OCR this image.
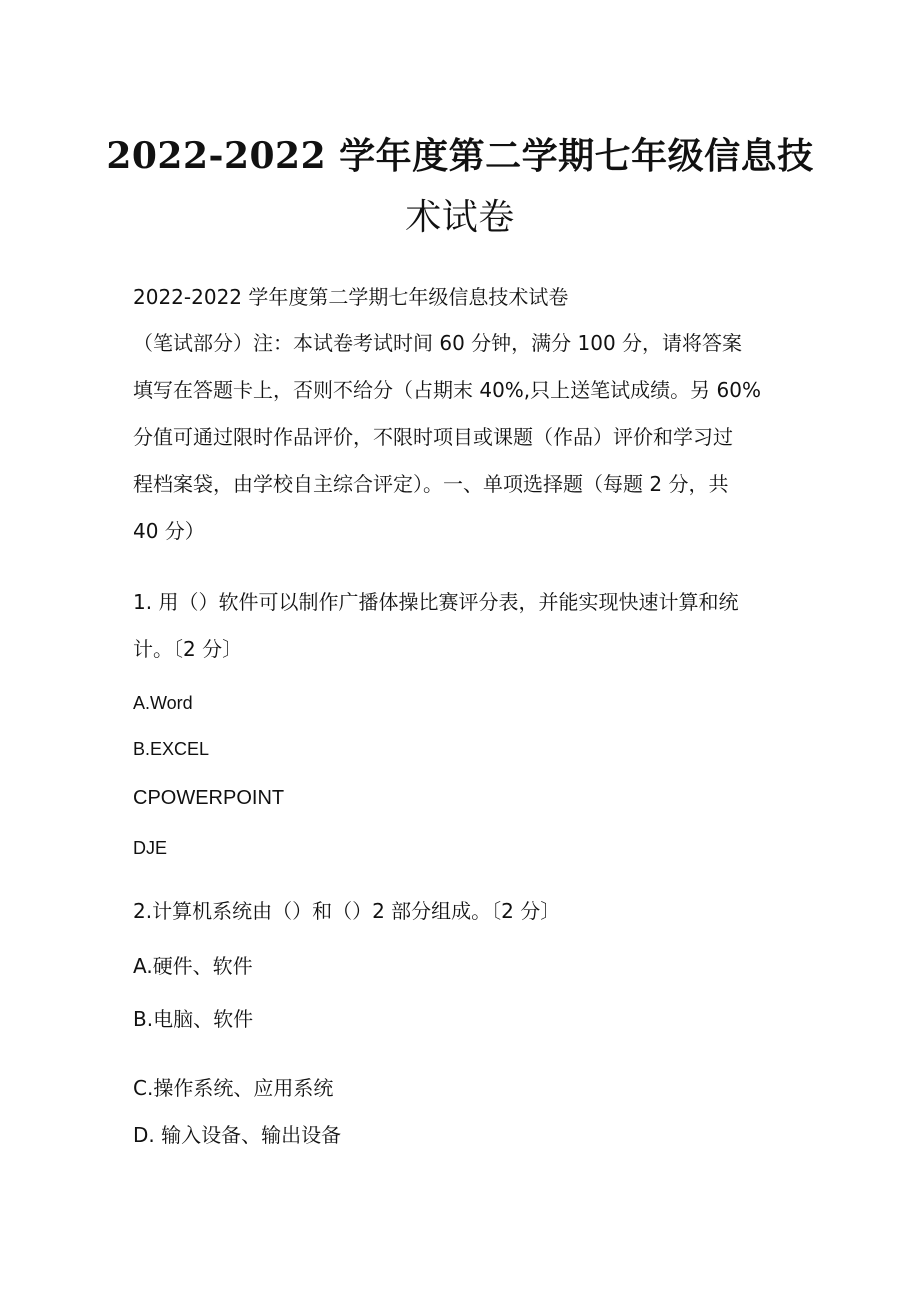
2022-2022 学年度第二学期七年级信息技
术试卷
2022-2022 学年度第二学期七年级信息技术试卷
（笔试部分）注：本试卷考试时间 60 分钟，满分 100 分，请将答案
填写在答题卡上，否则不给分（占期末 40%,只上送笔试成绩。另 60%
分值可通过限时作品评价，不限时项目或课题（作品）评价和学习过
程档案袋，由学校自主综合评定）。一、单项选择题（每题 2 分，共
40 分）
1. 用（）软件可以制作广播体操比赛评分表，并能实现快速计算和统
计。〔2 分〕
A.Word
B.EXCEL
CPOWERPOINT
DJE
2.计算机系统由（）和（）2 部分组成。〔2 分〕
A.硬件、软件
B.电脑、软件
C.操作系统、应用系统
D. 输入设备、输出设备
